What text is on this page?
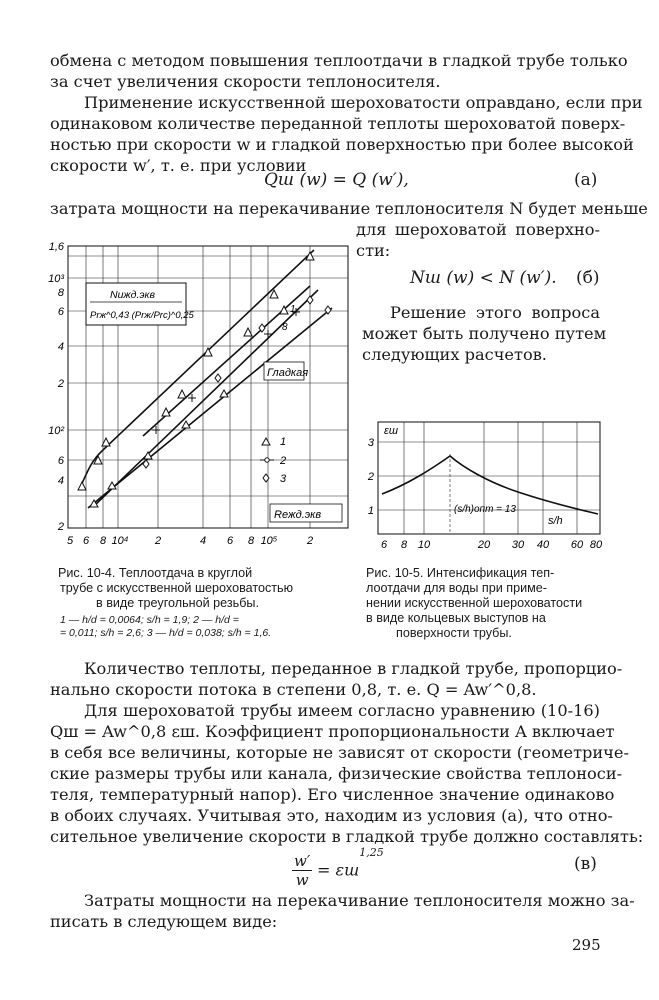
обмена с методом повышения теплоотдачи в гладкой трубе только
за счет увеличения скорости теплоносителя.
Применение искусственной шероховатости оправдано, если при
одинаковом количестве переданной теплоты шероховатой поверх-
ностью при скорости w и гладкой поверхностью при более высокой
скорости w′, т. е. при условии
Qш (w) = Q (w′),	(а)
затрата мощности на перекачивание теплоносителя N будет меньше
для шероховатой поверхно-
сти:
Nш (w) < N (w′). (б)
Решение этого вопроса
может быть получено путем
следующих расчетов.
Nuжд.экв
Prж^0,43 (Prж/Prс)^0,25
Гладкая
1
8
1
2
3
Reжд.экв
1,6
10³
8
6
4
2
10²
6
4
2
5 6 8 10⁴ 2	4 6 8 10⁵	2
εш
(s/h)опт = 13
s/h
3
2
1
6 8 10	20 30 40 60 80
Рис. 10-4. Теплоотдача в круглой
трубе с искусственной шероховатостью
в виде треугольной резьбы.
1 — h/d = 0,0064; s/h = 1,9; 2 — h/d =
= 0,011; s/h = 2,6; 3 — h/d = 0,038; s/h = 1,6.
Рис. 10-5. Интенсификация теп-
лоотдачи для воды при приме-
нении искусственной шероховатости
в виде кольцевых выступов на
поверхности трубы.
Количество теплоты, переданное в гладкой трубе, пропорцио-
нально скорости потока в степени 0,8, т. е. Q = Aw′^0,8.
Для шероховатой трубы имеем согласно уравнению (10-16)
Qш = Aw^0,8 εш. Коэффициент пропорциональности A включает
в себя все величины, которые не зависят от скорости (геометриче-
ские размеры трубы или канала, физические свойства теплоноси-
теля, температурный напор). Его численное значение одинаково
в обоих случаях. Учитывая это, находим из условия (а), что отно-
сительное увеличение скорости в гладкой трубе должно составлять:
$\frac{w'}{w} = \varepsilon ш^{1,25}$
(в)
Затраты мощности на перекачивание теплоносителя можно за-
писать в следующем виде:
295
